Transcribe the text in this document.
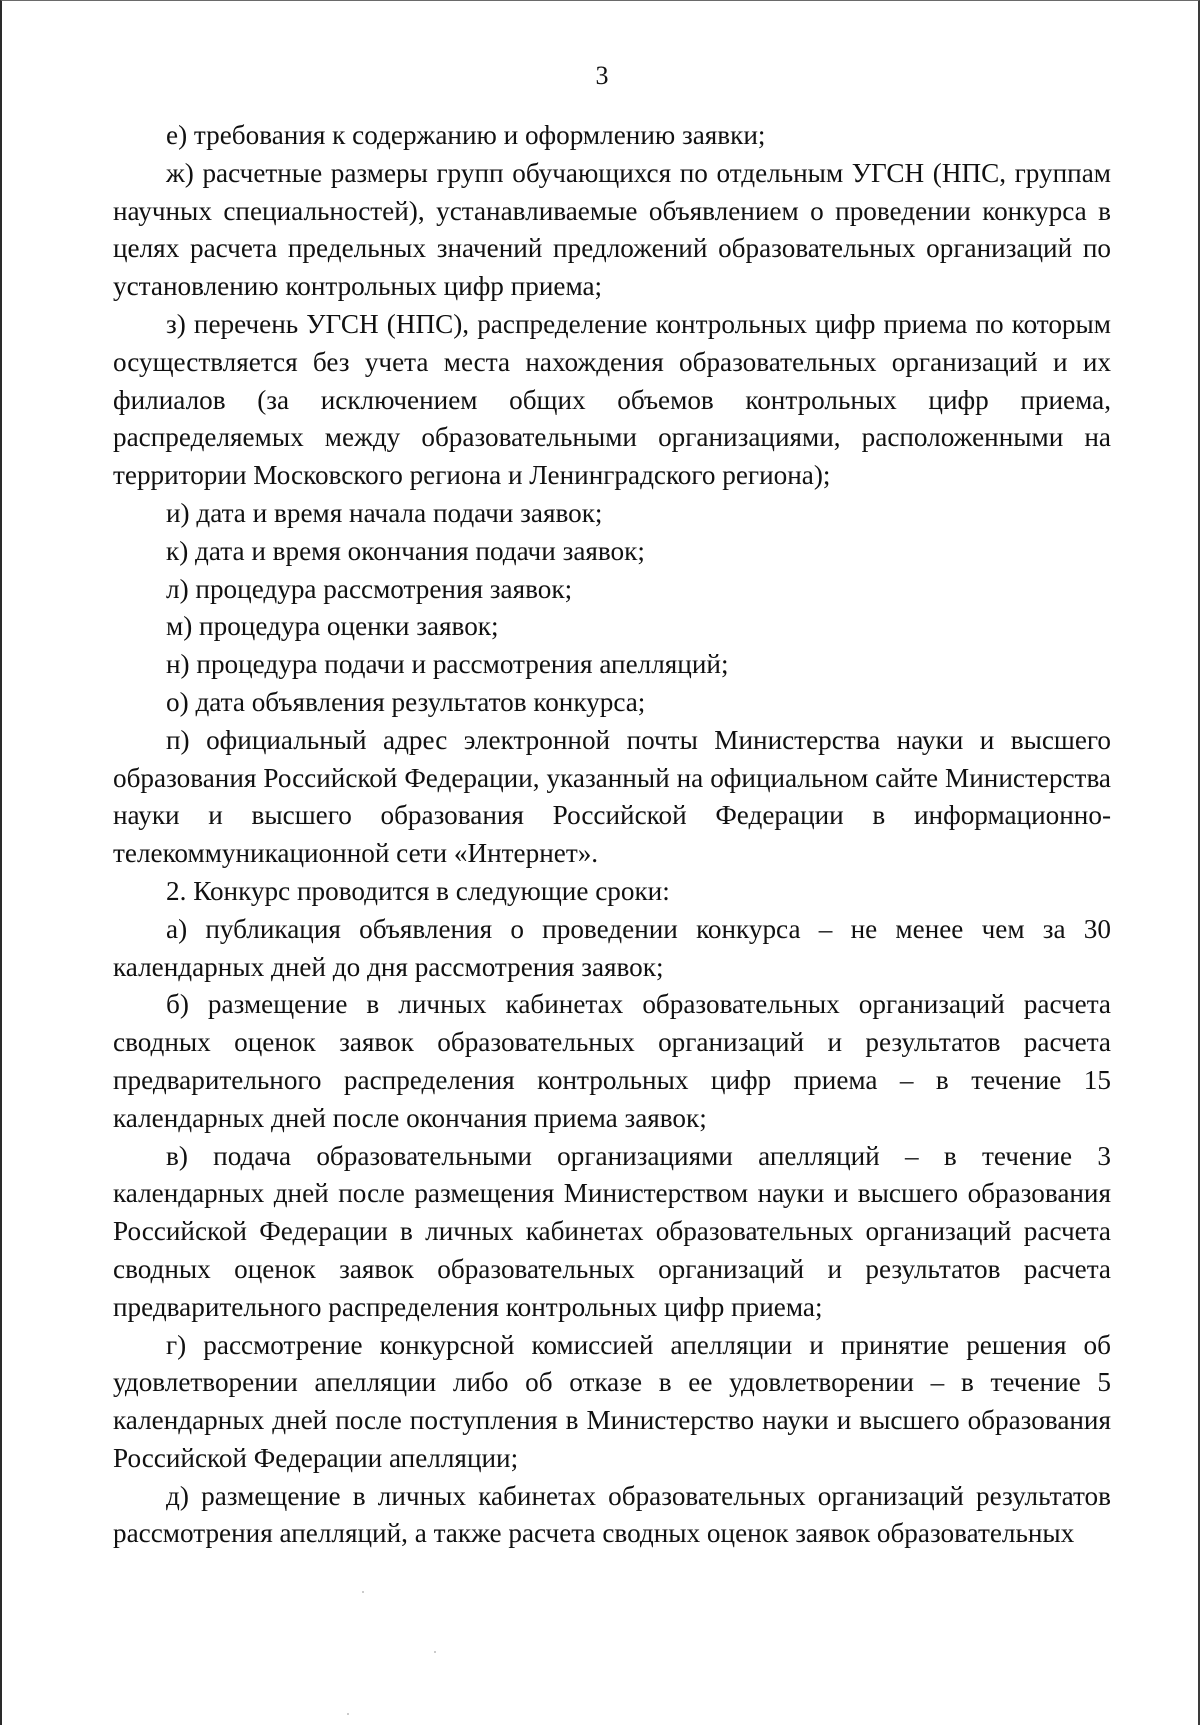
3

е) требования к содержанию и оформлению заявки;

ж) расчетные размеры групп обучающихся по отдельным УГСН (НПС, группам научных специальностей), устанавливаемые объявлением о проведении конкурса в целях расчета предельных значений предложений образовательных организаций по установлению контрольных цифр приема;

з) перечень УГСН (НПС), распределение контрольных цифр приема по которым осуществляется без учета места нахождения образовательных организаций и их филиалов (за исключением общих объемов контрольных цифр приема, распределяемых между образовательными организациями, расположенными на территории Московского региона и Ленинградского региона);

и) дата и время начала подачи заявок;

к) дата и время окончания подачи заявок;

л) процедура рассмотрения заявок;

м) процедура оценки заявок;

н) процедура подачи и рассмотрения апелляций;

о) дата объявления результатов конкурса;

п) официальный адрес электронной почты Министерства науки и высшего образования Российской Федерации, указанный на официальном сайте Министерства науки и высшего образования Российской Федерации в информационно-телекоммуникационной сети «Интернет».

2. Конкурс проводится в следующие сроки:

а) публикация объявления о проведении конкурса – не менее чем за 30 календарных дней до дня рассмотрения заявок;

б) размещение в личных кабинетах образовательных организаций расчета сводных оценок заявок образовательных организаций и результатов расчета предварительного распределения контрольных цифр приема – в течение 15 календарных дней после окончания приема заявок;

в) подача образовательными организациями апелляций – в течение 3 календарных дней после размещения Министерством науки и высшего образования Российской Федерации в личных кабинетах образовательных организаций расчета сводных оценок заявок образовательных организаций и результатов расчета предварительного распределения контрольных цифр приема;

г) рассмотрение конкурсной комиссией апелляции и принятие решения об удовлетворении апелляции либо об отказе в ее удовлетворении – в течение 5 календарных дней после поступления в Министерство науки и высшего образования Российской Федерации апелляции;

д) размещение в личных кабинетах образовательных организаций результатов рассмотрения апелляций, а также расчета сводных оценок заявок образовательных
